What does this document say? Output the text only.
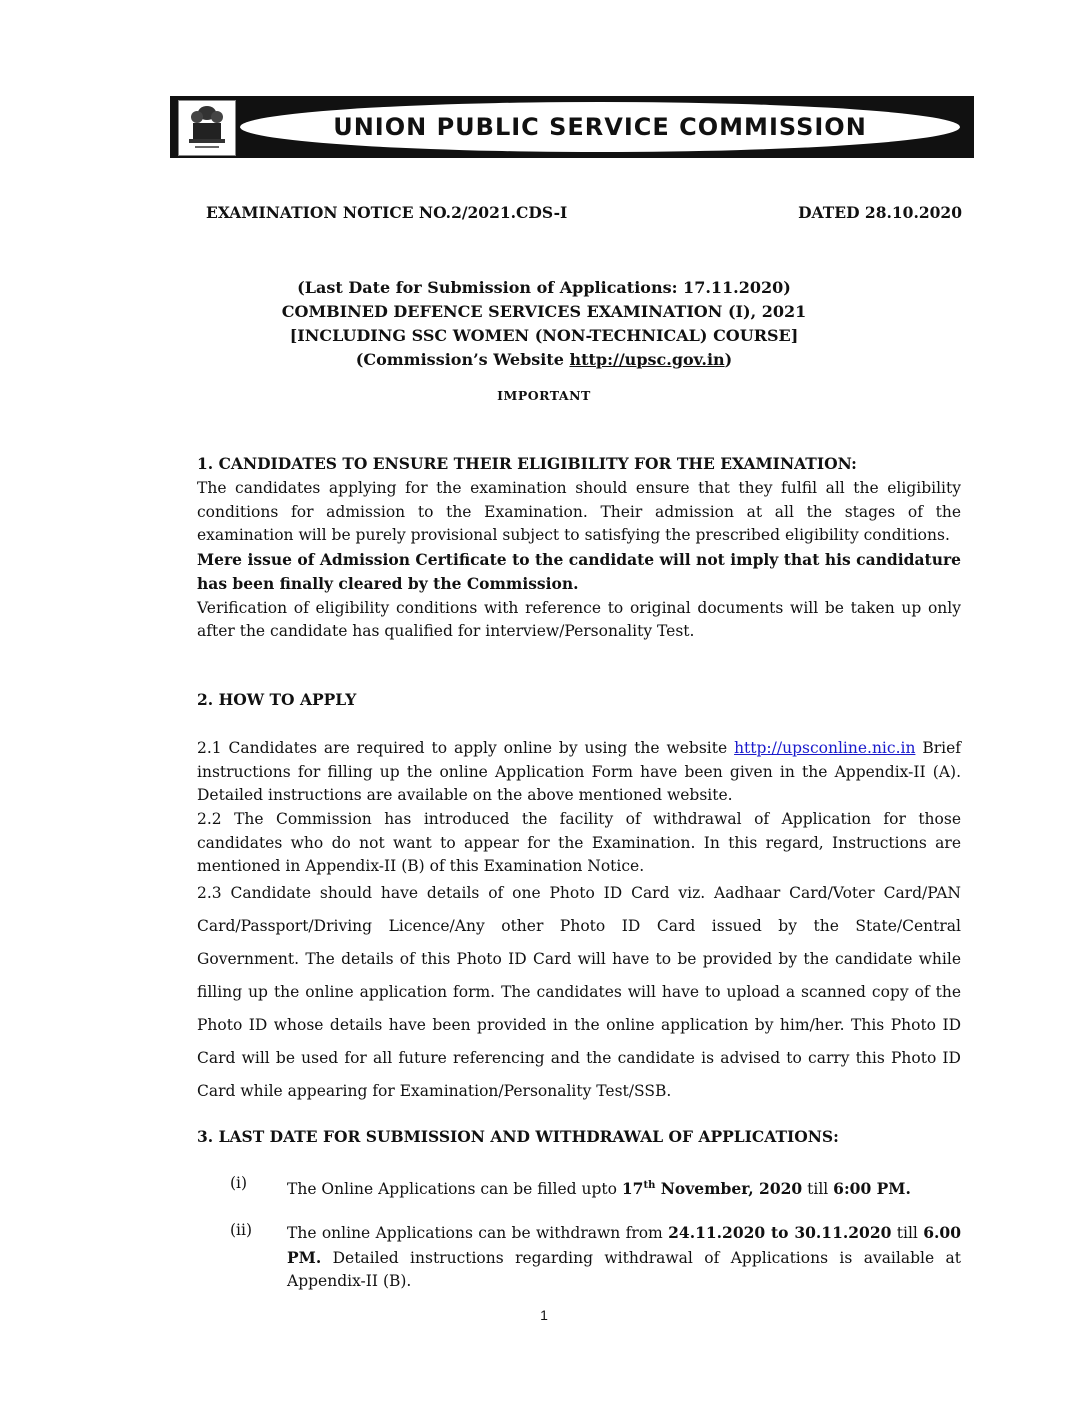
UNION PUBLIC SERVICE COMMISSION
EXAMINATION NOTICE NO.2/2021.CDS-I	DATED 28.10.2020
(Last Date for Submission of Applications: 17.11.2020)
COMBINED DEFENCE SERVICES EXAMINATION (I), 2021
[INCLUDING SSC WOMEN (NON-TECHNICAL) COURSE]
(Commission’s Website http://upsc.gov.in)
IMPORTANT
1. CANDIDATES TO ENSURE THEIR ELIGIBILITY FOR THE EXAMINATION:
The candidates applying for the examination should ensure that they fulfil all the eligibility conditions for admission to the Examination. Their admission at all the stages of the examination will be purely provisional subject to satisfying the prescribed eligibility conditions.
Mere issue of Admission Certificate to the candidate will not imply that his candidature has been finally cleared by the Commission.
Verification of eligibility conditions with reference to original documents will be taken up only after the candidate has qualified for interview/Personality Test.
2. HOW TO APPLY
2.1 Candidates are required to apply online by using the website http://upsconline.nic.in Brief instructions for filling up the online Application Form have been given in the Appendix-II (A). Detailed instructions are available on the above mentioned website.
2.2 The Commission has introduced the facility of withdrawal of Application for those candidates who do not want to appear for the Examination. In this regard, Instructions are mentioned in Appendix-II (B) of this Examination Notice.
2.3 Candidate should have details of one Photo ID Card viz. Aadhaar Card/Voter Card/PAN Card/Passport/Driving Licence/Any other Photo ID Card issued by the State/Central Government. The details of this Photo ID Card will have to be provided by the candidate while filling up the online application form. The candidates will have to upload a scanned copy of the Photo ID whose details have been provided in the online application by him/her. This Photo ID Card will be used for all future referencing and the candidate is advised to carry this Photo ID Card while appearing for Examination/Personality Test/SSB.
3. LAST DATE FOR SUBMISSION AND WITHDRAWAL OF APPLICATIONS:
(i)	The Online Applications can be filled upto 17th November, 2020 till 6:00 PM.
(ii) The online Applications can be withdrawn from 24.11.2020 to 30.11.2020 till 6.00 PM. Detailed instructions regarding withdrawal of Applications is available at Appendix-II (B).
1
